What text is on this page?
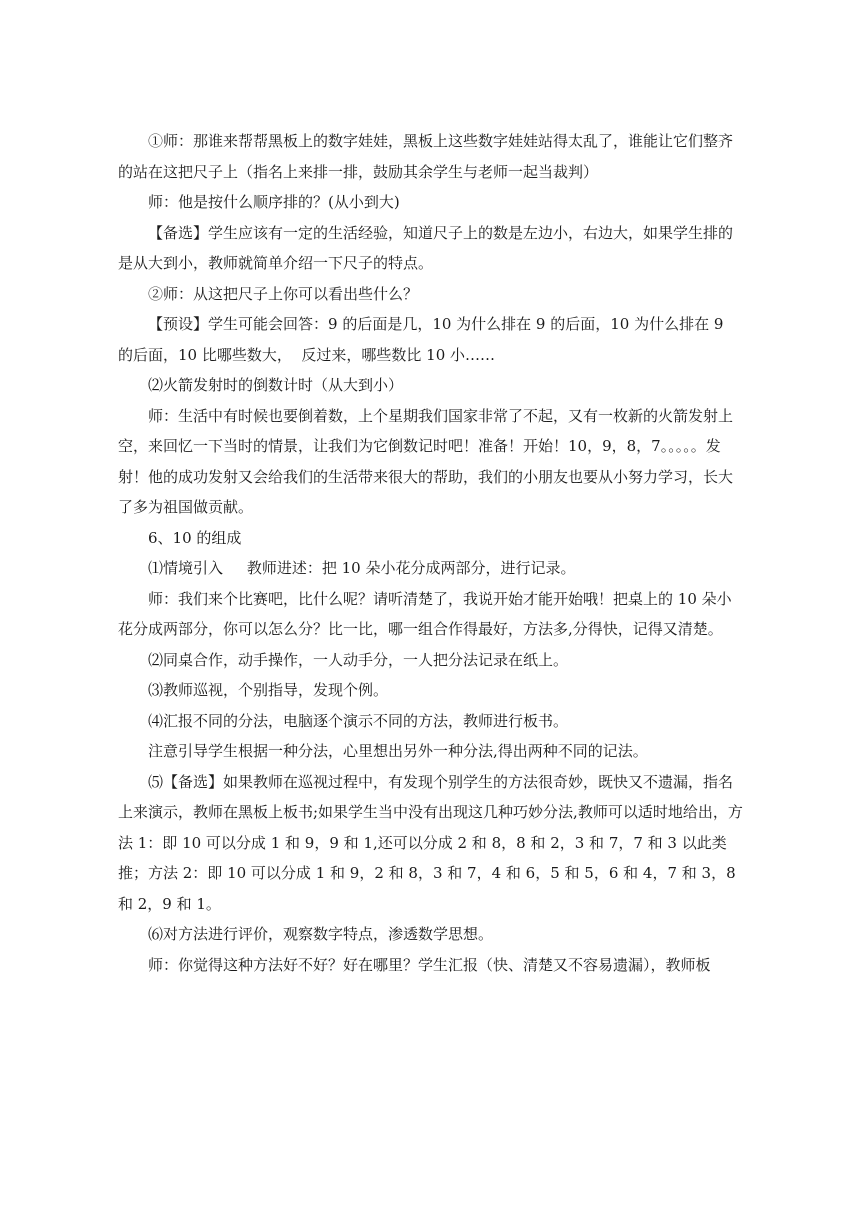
①师：那谁来帮帮黑板上的数字娃娃，黑板上这些数字娃娃站得太乱了，谁能让它们整齐的站在这把尺子上（指名上来排一排，鼓励其余学生与老师一起当裁判）

师：他是按什么顺序排的？(从小到大)

【备选】学生应该有一定的生活经验，知道尺子上的数是左边小，右边大，如果学生排的是从大到小，教师就简单介绍一下尺子的特点。

②师：从这把尺子上你可以看出些什么？

【预设】学生可能会回答：9 的后面是几，10 为什么排在 9 的后面，10 为什么排在 9 的后面，10 比哪些数大，  反过来，哪些数比 10 小……

⑵火箭发射时的倒数计时（从大到小）

师：生活中有时候也要倒着数，上个星期我们国家非常了不起，又有一枚新的火箭发射上空，来回忆一下当时的情景，让我们为它倒数记时吧！准备！开始！10，9，8，7。。。。。发射！他的成功发射又会给我们的生活带来很大的帮助，我们的小朋友也要从小努力学习，长大了多为祖国做贡献。

6、10 的组成

⑴情境引入     教师进述：把 10 朵小花分成两部分，进行记录。

师：我们来个比赛吧，比什么呢？请听清楚了，我说开始才能开始哦！把桌上的 10 朵小花分成两部分，你可以怎么分？比一比，哪一组合作得最好，方法多,分得快，记得又清楚。

⑵同桌合作，动手操作，一人动手分，一人把分法记录在纸上。

⑶教师巡视，个别指导，发现个例。

⑷汇报不同的分法，电脑逐个演示不同的方法，教师进行板书。

注意引导学生根据一种分法，心里想出另外一种分法,得出两种不同的记法。

⑸【备选】如果教师在巡视过程中，有发现个别学生的方法很奇妙，既快又不遗漏，指名上来演示，教师在黑板上板书;如果学生当中没有出现这几种巧妙分法,教师可以适时地给出，方法 1：即 10 可以分成 1 和 9，9 和 1,还可以分成 2 和 8，8 和 2，3 和 7，7 和 3 以此类推；方法 2：即 10 可以分成 1 和 9，2 和 8，3 和 7，4 和 6，5 和 5，6 和 4，7 和 3，8 和 2，9 和 1。

⑹对方法进行评价，观察数字特点，渗透数学思想。

师：你觉得这种方法好不好？好在哪里？学生汇报（快、清楚又不容易遗漏），教师板
